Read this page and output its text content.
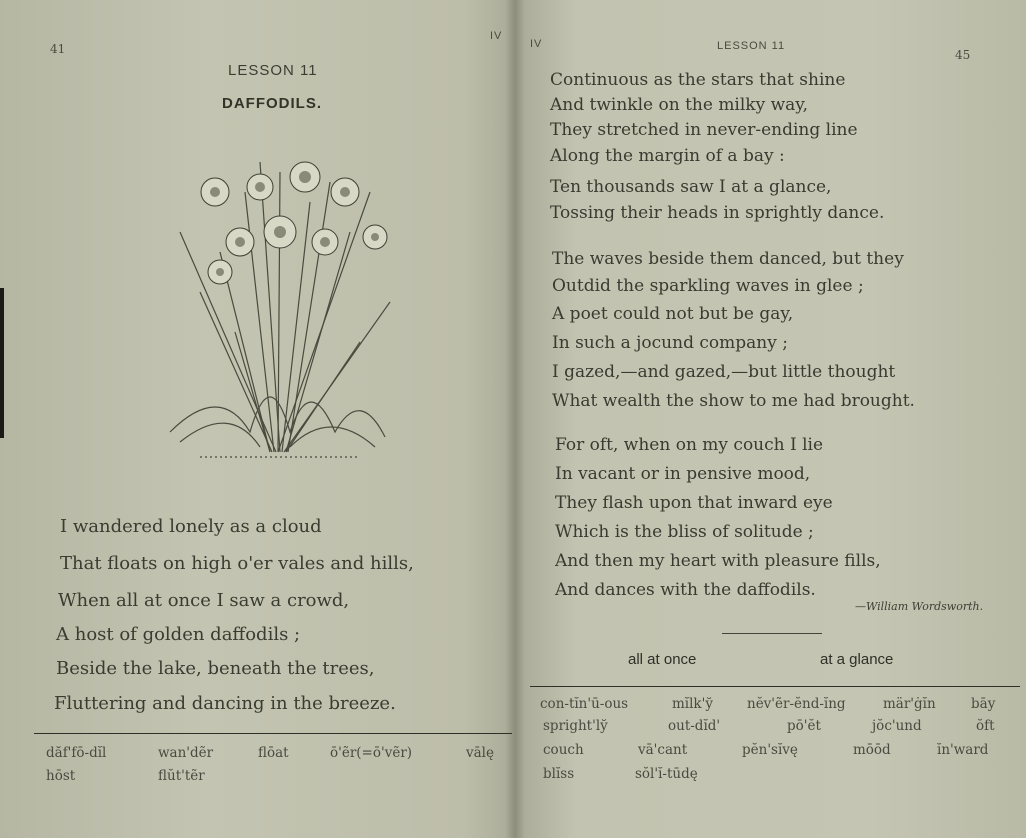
41
IV
LESSON 11
DAFFODILS.
I wandered lonely as a cloud
That floats on high o'er vales and hills,
When all at once I saw a crowd,
A host of golden daffodils ;
Beside the lake, beneath the trees,
Fluttering and dancing in the breeze.
dăf'fō-dĭl	wan'dẽr	flōat	ō'ẽr(=ō'vẽr)	vālę
hōst	flŭt'tẽr
IV	LESSON 11
45
Continuous as the stars that shine
And twinkle on the milky way,
They stretched in never-ending line
Along the margin of a bay :
Ten thousands saw I at a glance,
Tossing their heads in sprightly dance.
The waves beside them danced, but they
Outdid the sparkling waves in glee ;
A poet could not but be gay,
In such a jocund company ;
I gazed,—and gazed,—but little thought
What wealth the show to me had brought.
For oft, when on my couch I lie
In vacant or in pensive mood,
They flash upon that inward eye
Which is the bliss of solitude ;
And then my heart with pleasure fills,
And dances with the daffodils.
—William Wordsworth.
all at once	at a glance
con-tĭn'ū-ous	mĭlk'y̆	nĕv'ẽr-ĕnd-ĭng	mär'ġĭn	bāy
spright'ly̆	out-dĭd'	pō'ĕt	jŏc'und	ŏft
couch	vā'cant	pĕn'sĭvę	mōōd	ĭn'ward
blĭss	sŏl'ĭ-tūdę
